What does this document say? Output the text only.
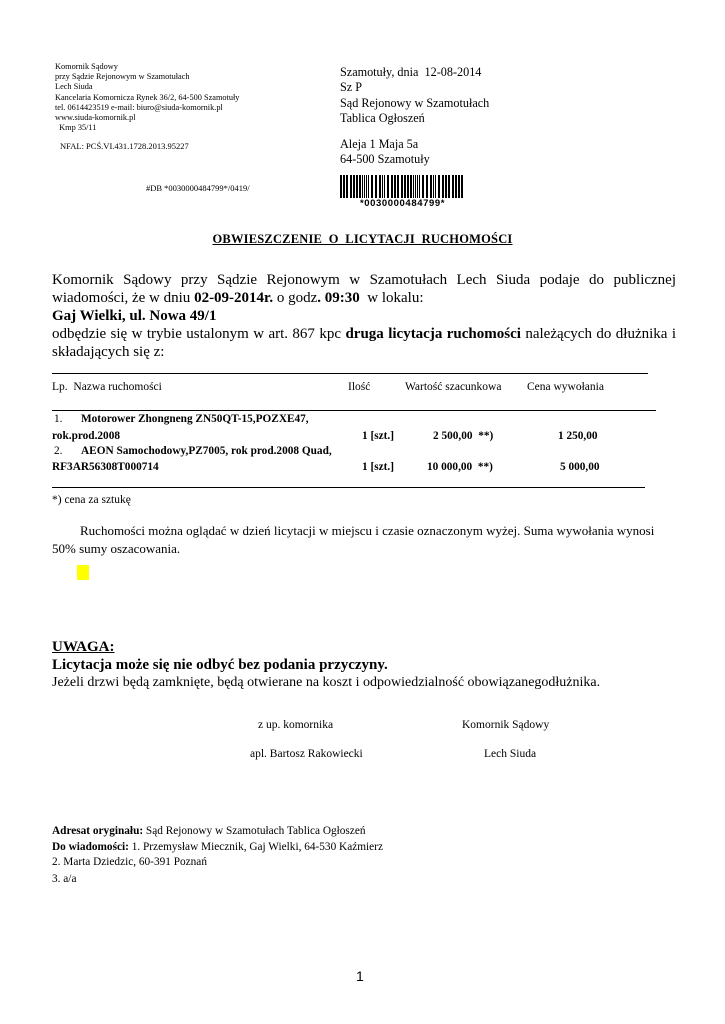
Komornik Sądowy
przy Sądzie Rejonowym w Szamotułach
Lech Siuda
Kancelaria Komornicza Rynek 36/2, 64-500 Szamotuły
tel. 0614423519 e-mail: biuro@siuda-komornik.pl
www.siuda-komornik.pl
Kmp 35/11
NFAL: PCŚ.VI.431.1728.2013.95227
#DB *0030000484799*/0419/
Szamotuły, dnia  12-08-2014
Sz P
Sąd Rejonowy w Szamotułach
Tablica Ogłoszeń
Aleja 1 Maja 5a
64-500 Szamotuły
*0030000484799*
OBWIESZCZENIE  O  LICYTACJI  RUCHOMOŚCI
Komornik Sądowy przy Sądzie Rejonowym w Szamotułach Lech Siuda podaje do publicznej wiadomości, że w dniu 02-09-2014r. o godz. 09:30  w lokalu:
Gaj Wielki, ul. Nowa 49/1
odbędzie się w trybie ustalonym w art. 867 kpc druga licytacja ruchomości należących do dłużnika i składających się z:
Lp.  Nazwa ruchomości	Ilość	Wartość szacunkowa Cena wywołania
1. Motorower Zhongneng ZN50QT-15,POZXE47,
rok.prod.2008	1 [szt.]	2 500,00  **)	1 250,00
2. AEON Samochodowy,PZ7005, rok prod.2008 Quad,
RF3AR56308T000714	1 [szt.]	10 000,00  **)	5 000,00
*) cena za sztukę
Ruchomości można oglądać w dzień licytacji w miejscu i czasie oznaczonym wyżej. Suma wywołania wynosi 50% sumy oszacowania.
UWAGA:
Licytacja może się nie odbyć bez podania przyczyny.
Jeżeli drzwi będą zamknięte, będą otwierane na koszt i odpowiedzialność obowiązanegodłużnika.
z up. komornika
apl. Bartosz Rakowiecki
Komornik Sądowy
Lech Siuda
Adresat oryginału: Sąd Rejonowy w Szamotułach Tablica Ogłoszeń
Do wiadomości: 1. Przemysław Miecznik, Gaj Wielki, 64-530 Kaźmierz
2. Marta Dziedzic, 60-391 Poznań
3. a/a
1
